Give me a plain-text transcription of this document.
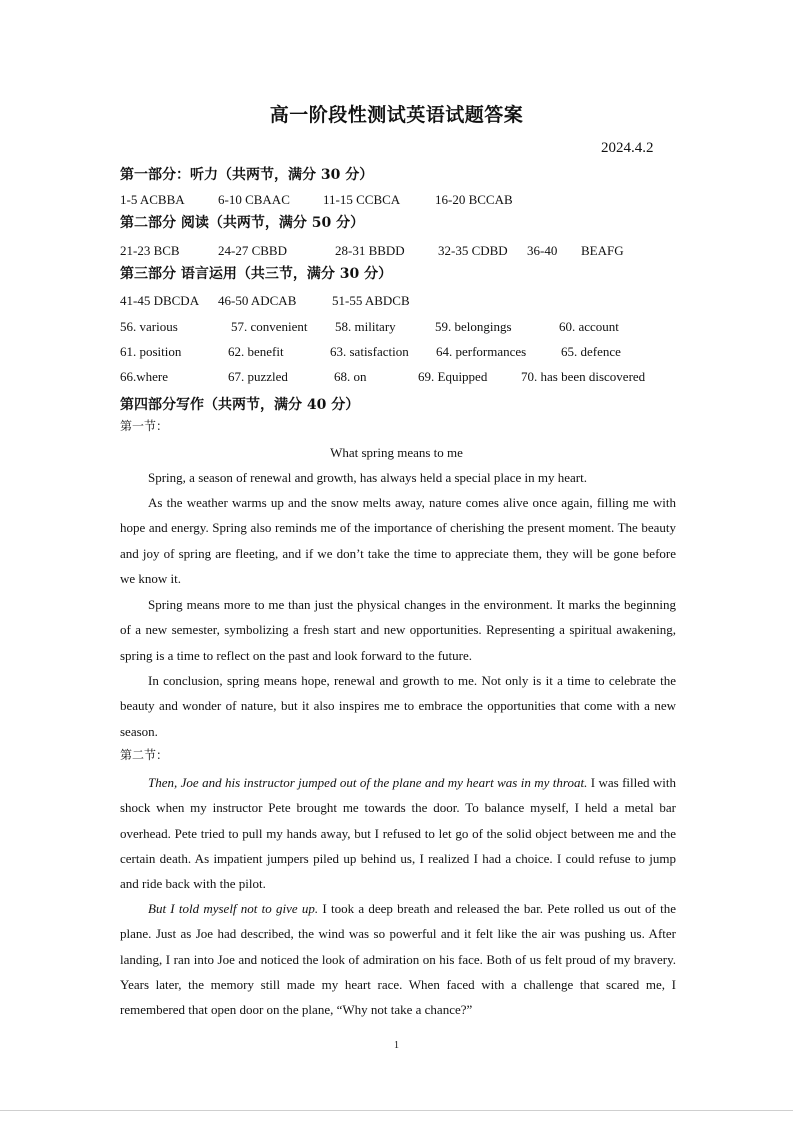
高一阶段性测试英语试题答案
2024.4.2
第一部分：听力（共两节，满分 30 分）
1-5 ACBBA	6-10 CBAAC	11-15 CCBCA	16-20 BCCAB
第二部分 阅读（共两节，满分 50 分）
21-23 BCB	24-27 CBBD	28-31 BBDD	32-35 CDBD 36-40 BEAFG
第三部分 语言运用（共三节，满分 30 分）
41-45 DBCDA 46-50 ADCAB	51-55 ABDCB
56. various	57. convenient 58. military	59. belongings	60. account
61. position	62. benefit	63. satisfaction 64. performances	65. defence
66.where	67. puzzled	68. on	69. Equipped	70. has been discovered
第四部分写作（共两节，满分 40 分）
第一节：
What spring means to me

Spring, a season of renewal and growth, has always held a special place in my heart.

As the weather warms up and the snow melts away, nature comes alive once again, filling me with hope and energy. Spring also reminds me of the importance of cherishing the present moment. The beauty and joy of spring are fleeting, and if we don’t take the time to appreciate them, they will be gone before we know it.

Spring means more to me than just the physical changes in the environment. It marks the beginning of a new semester, symbolizing a fresh start and new opportunities. Representing a spiritual awakening, spring is a time to reflect on the past and look forward to the future.

In conclusion, spring means hope, renewal and growth to me. Not only is it a time to celebrate the beauty and wonder of nature, but it also inspires me to embrace the opportunities that come with a new season.

第二节：

Then, Joe and his instructor jumped out of the plane and my heart was in my throat. I was filled with shock when my instructor Pete brought me towards the door. To balance myself, I held a metal bar overhead. Pete tried to pull my hands away, but I refused to let go of the solid object between me and the certain death. As impatient jumpers piled up behind us, I realized I had a choice. I could refuse to jump and ride back with the pilot.

But I told myself not to give up. I took a deep breath and released the bar. Pete rolled us out of the plane. Just as Joe had described, the wind was so powerful and it felt like the air was pushing us. After landing, I ran into Joe and noticed the look of admiration on his face. Both of us felt proud of my bravery. Years later, the memory still made my heart race. When faced with a challenge that scared me, I remembered that open door on the plane, “Why not take a chance?”

1
